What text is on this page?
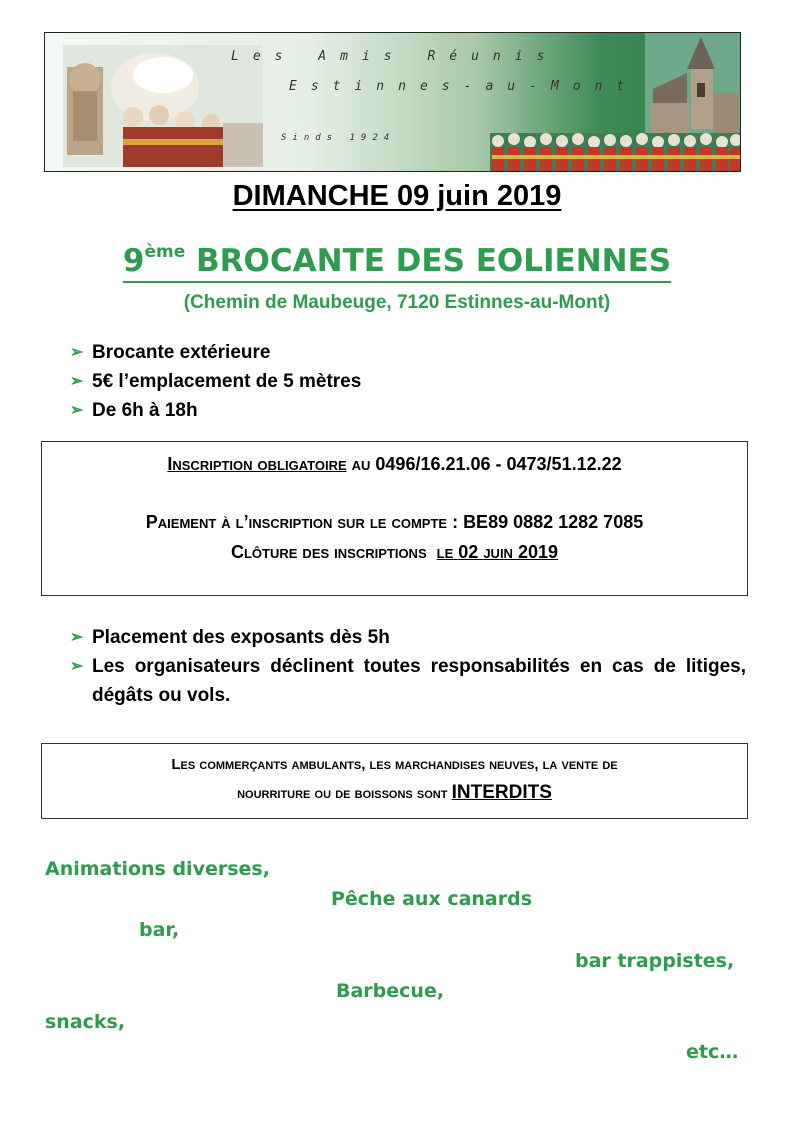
Les Amis Réunis
Estinnes-au-Mont
Sinds 1924
DIMANCHE 09 juin 2019
9ème BROCANTE DES EOLIENNES
(Chemin de Maubeuge, 7120 Estinnes-au-Mont)
➢ Brocante extérieure
➢ 5€ l’emplacement de 5 mètres
➢ De 6h à 18h
Inscription obligatoire au 0496/16.21.06 - 0473/51.12.22
Paiement à l’inscription sur le compte : BE89 0882 1282 7085
Clôture des inscriptions le 02 juin 2019
➢ Placement des exposants dès 5h
➢ Les organisateurs déclinent toutes responsabilités en cas de litiges, dégâts ou vols.
Les commerçants ambulants, les marchandises neuves, la vente de
nourriture ou de boissons sont INTERDITS
Animations diverses,
Pêche aux canards
bar,
bar trappistes,
Barbecue,
snacks,
etc…
